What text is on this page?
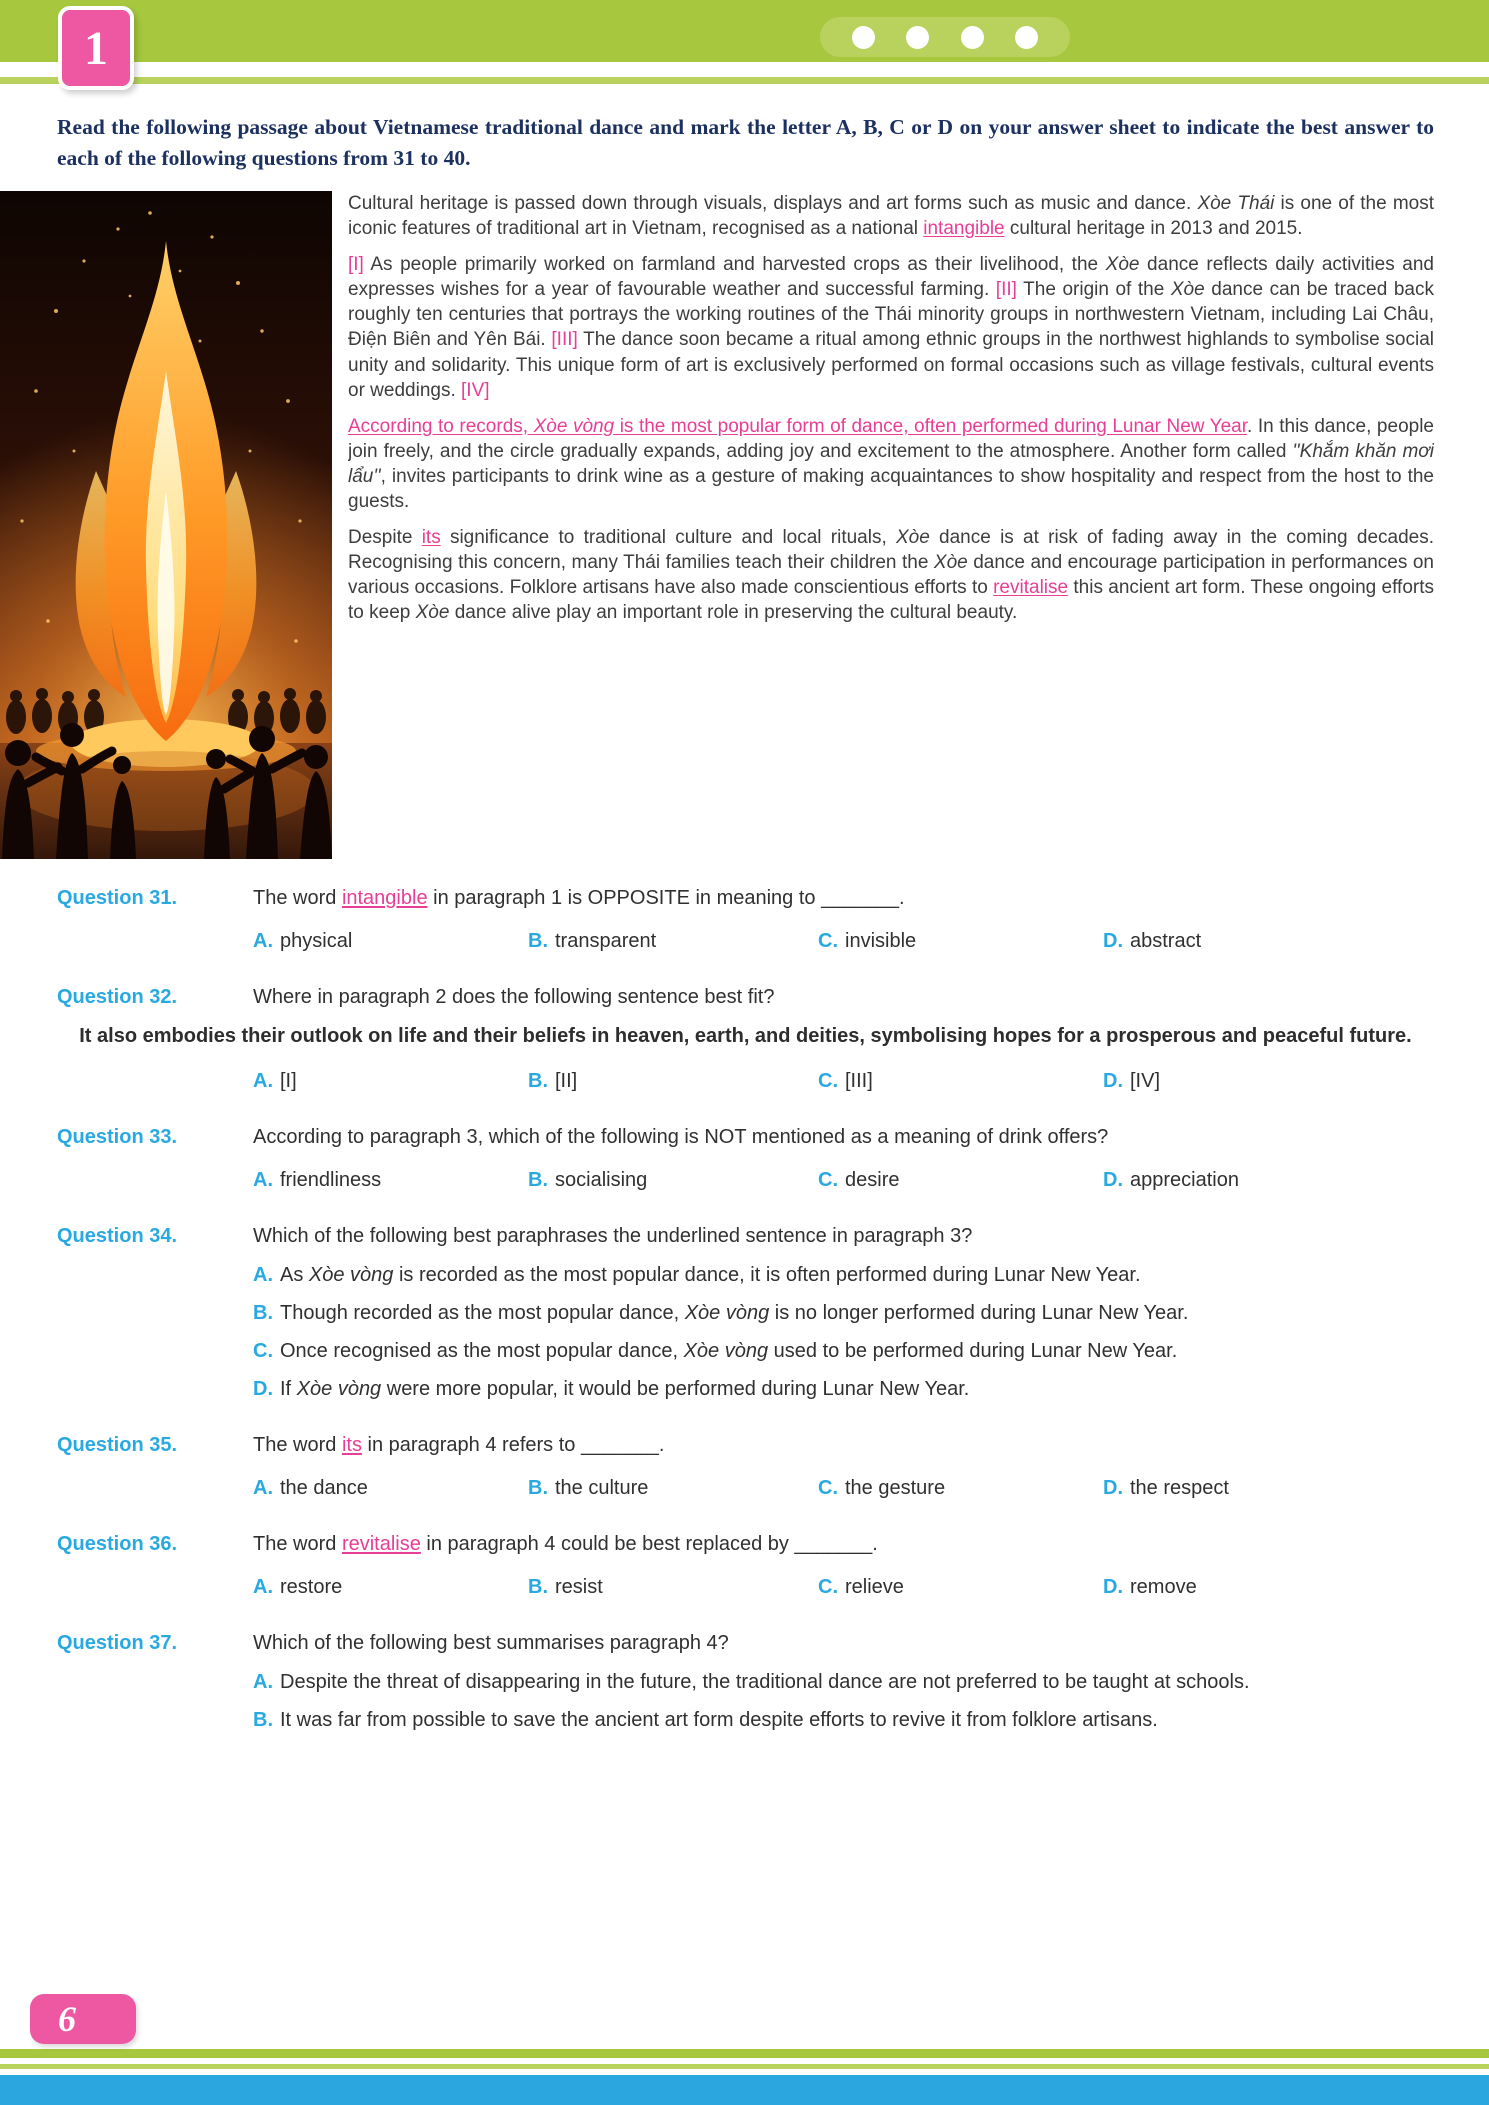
1

Read the following passage about Vietnamese traditional dance and mark the letter A, B, C or D on your answer sheet to indicate the best answer to each of the following questions from 31 to 40.

Cultural heritage is passed down through visuals, displays and art forms such as music and dance. Xòe Thái is one of the most iconic features of traditional art in Vietnam, recognised as a national intangible cultural heritage in 2013 and 2015.

[I] As people primarily worked on farmland and harvested crops as their livelihood, the Xòe dance reflects daily activities and expresses wishes for a year of favourable weather and successful farming. [II] The origin of the Xòe dance can be traced back roughly ten centuries that portrays the working routines of the Thái minority groups in northwestern Vietnam, including Lai Châu, Điện Biên and Yên Bái. [III] The dance soon became a ritual among ethnic groups in the northwest highlands to symbolise social unity and solidarity. This unique form of art is exclusively performed on formal occasions such as village festivals, cultural events or weddings. [IV]

According to records, Xòe vòng is the most popular form of dance, often performed during Lunar New Year. In this dance, people join freely, and the circle gradually expands, adding joy and excitement to the atmosphere. Another form called ''Khắm khăn mơi lẩu'', invites participants to drink wine as a gesture of making acquaintances to show hospitality and respect from the host to the guests.

Despite its significance to traditional culture and local rituals, Xòe dance is at risk of fading away in the coming decades. Recognising this concern, many Thái families teach their children the Xòe dance and encourage participation in performances on various occasions. Folklore artisans have also made conscientious efforts to revitalise this ancient art form. These ongoing efforts to keep Xòe dance alive play an important role in preserving the cultural beauty.

Question 31.	The word intangible in paragraph 1 is OPPOSITE in meaning to _______.
A. physical	B. transparent	C. invisible	D. abstract
Question 32.	Where in paragraph 2 does the following sentence best fit?
It also embodies their outlook on life and their beliefs in heaven, earth, and deities, symbolising hopes for a prosperous and peaceful future.
A. [I]	B. [II]	C. [III]	D. [IV]
Question 33.	According to paragraph 3, which of the following is NOT mentioned as a meaning of drink offers?
A. friendliness	B. socialising	C. desire	D. appreciation
Question 34.	Which of the following best paraphrases the underlined sentence in paragraph 3?
A. As Xòe vòng is recorded as the most popular dance, it is often performed during Lunar New Year.
B. Though recorded as the most popular dance, Xòe vòng is no longer performed during Lunar New Year.
C. Once recognised as the most popular dance, Xòe vòng used to be performed during Lunar New Year.
D. If Xòe vòng were more popular, it would be performed during Lunar New Year.
Question 35.	The word its in paragraph 4 refers to _______.
A. the dance	B. the culture	C. the gesture	D. the respect
Question 36.	The word revitalise in paragraph 4 could be best replaced by _______.
A. restore	B. resist	C. relieve	D. remove
Question 37.	Which of the following best summarises paragraph 4?
A. Despite the threat of disappearing in the future, the traditional dance are not preferred to be taught at schools.
B. It was far from possible to save the ancient art form despite efforts to revive it from folklore artisans.
6
